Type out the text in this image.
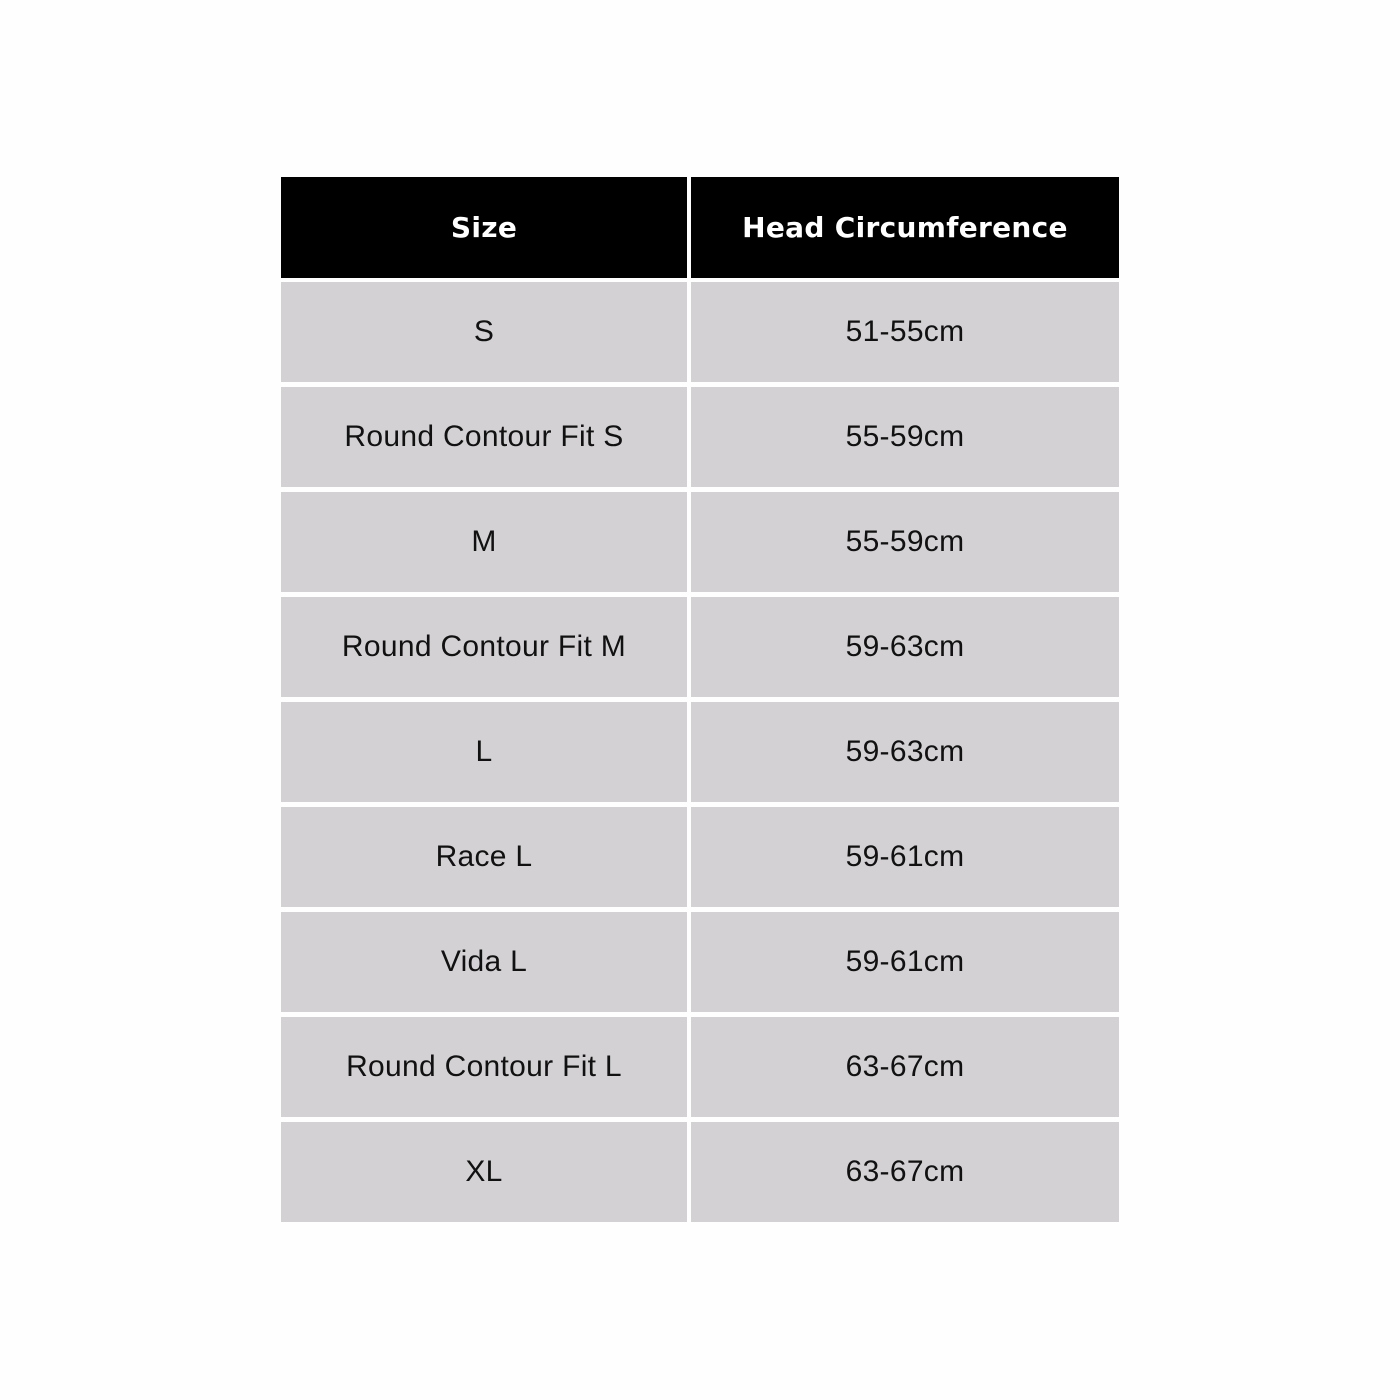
Size	Head Circumference
S	51-55cm
Round Contour Fit S	55-59cm
M	55-59cm
Round Contour Fit M	59-63cm
L	59-63cm
Race L	59-61cm
Vida L	59-61cm
Round Contour Fit L	63-67cm
XL	63-67cm
